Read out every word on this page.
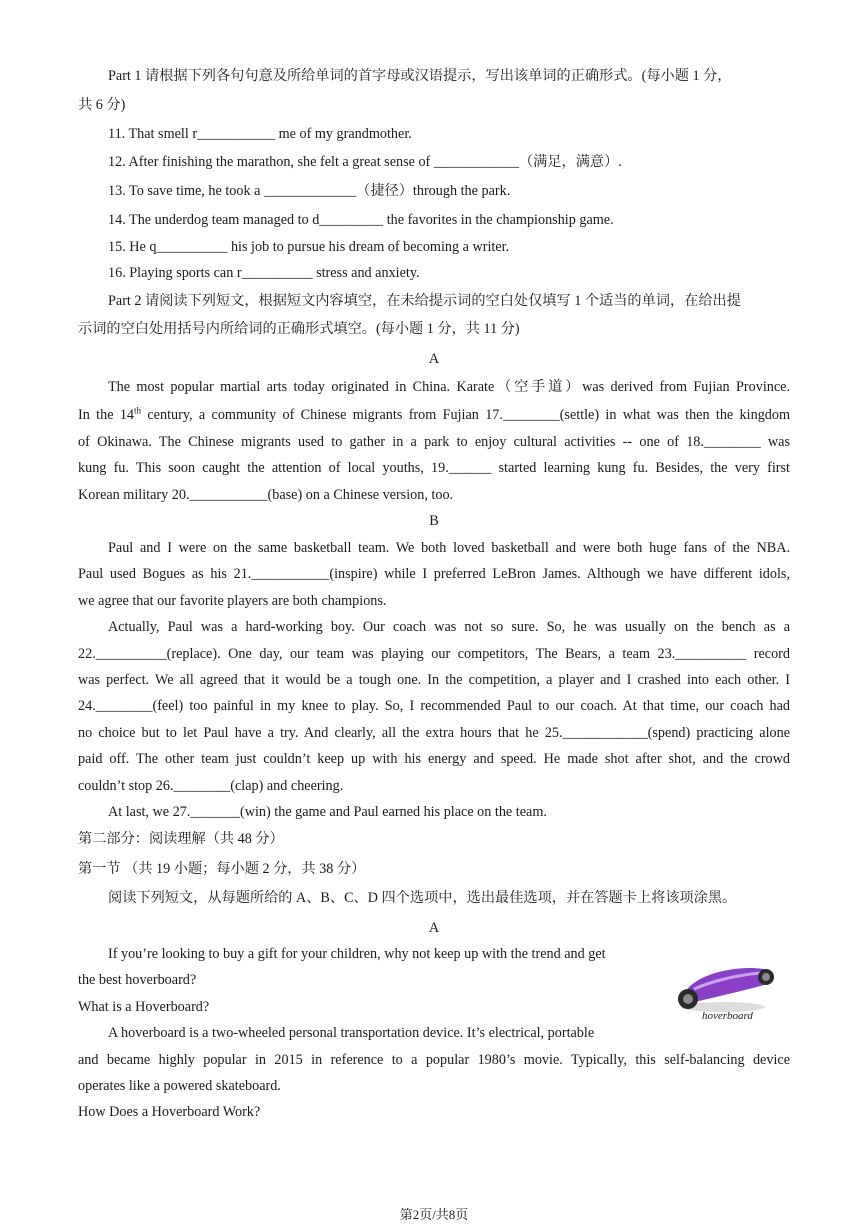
Part 1 请根据下列各句句意及所给单词的首字母或汉语提示，写出该单词的正确形式。(每小题 1 分，
共 6 分)
11. That smell r___________ me of my grandmother.
12. After finishing the marathon, she felt a great sense of ____________（满足，满意）.
13. To save time, he took a _____________（捷径）through the park.
14. The underdog team managed to d_________ the favorites in the championship game.
15. He q__________ his job to pursue his dream of becoming a writer.
16. Playing sports can r__________ stress and anxiety.
Part 2 请阅读下列短文，根据短文内容填空，在未给提示词的空白处仅填写 1 个适当的单词，在给出提
示词的空白处用括号内所给词的正确形式填空。(每小题 1 分，共 11 分)
A
The most popular martial arts today originated in China. Karate（空手道）was derived from Fujian Province.
In the 14th century, a community of Chinese migrants from Fujian 17.________(settle) in what was then the kingdom
of Okinawa. The Chinese migrants used to gather in a park to enjoy cultural activities -- one of 18.________ was
kung fu. This soon caught the attention of local youths, 19.______ started learning kung fu. Besides, the very first
Korean military 20.___________(base) on a Chinese version, too.
B
Paul and I were on the same basketball team. We both loved basketball and were both huge fans of the NBA.
Paul used Bogues as his 21.___________(inspire) while I preferred LeBron James. Although we have different idols,
we agree that our favorite players are both champions.
Actually, Paul was a hard-working boy. Our coach was not so sure. So, he was usually on the bench as a
22.__________(replace). One day, our team was playing our competitors, The Bears, a team 23.__________ record
was perfect. We all agreed that it would be a tough one. In the competition, a player and I crashed into each other. I
24.________(feel) too painful in my knee to play. So, I recommended Paul to our coach. At that time, our coach had
no choice but to let Paul have a try. And clearly, all the extra hours that he 25.____________(spend) practicing alone
paid off. The other team just couldn’t keep up with his energy and speed. He made shot after shot, and the crowd
couldn’t stop 26.________(clap) and cheering.
At last, we 27._______(win) the game and Paul earned his place on the team.
第二部分：阅读理解（共 48 分）
第一节 （共 19 小题；每小题 2 分，共 38 分）
阅读下列短文，从每题所给的 A、B、C、D 四个选项中，选出最佳选项，并在答题卡上将该项涂黑。
A
If you’re looking to buy a gift for your children, why not keep up with the trend and get
the best hoverboard?
What is a Hoverboard?
A hoverboard is a two-wheeled personal transportation device. It’s electrical, portable
and became highly popular in 2015 in reference to a popular 1980’s movie. Typically, this self-balancing device
operates like a powered skateboard.
How Does a Hoverboard Work?
hoverboard
第2页/共8页
